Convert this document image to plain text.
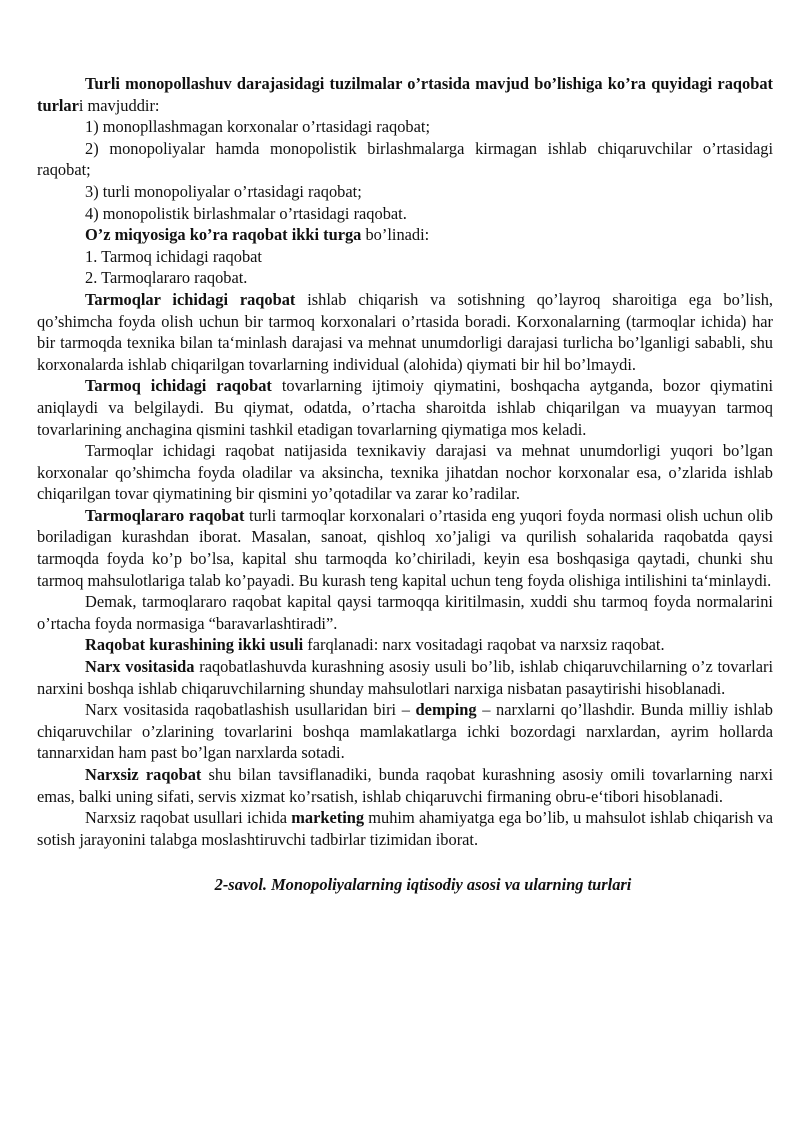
Turli monopollashuv darajasidagi tuzilmalar o’rtasida mavjud bo’lishiga ko’ra quyidagi raqobat turlari mavjuddir:

1) monopllashmagan korxonalar o’rtasidagi raqobat;

2) monopoliyalar hamda monopolistik birlashmalarga kirmagan ishlab chiqaruvchilar o’rtasidagi raqobat;

3) turli monopoliyalar o’rtasidagi raqobat;

4) monopolistik birlashmalar o’rtasidagi raqobat.

O’z miqyosiga ko’ra raqobat ikki turga bo’linadi:

1. Tarmoq ichidagi raqobat

2. Tarmoqlararo raqobat.

Tarmoqlar ichidagi raqobat ishlab chiqarish va sotishning qo’layroq sharoitiga ega bo’lish, qo’shimcha foyda olish uchun bir tarmoq korxonalari o’rtasida boradi. Korxonalarning (tarmoqlar ichida) har bir tarmoqda texnika bilan ta‘minlash darajasi va mehnat unumdorligi darajasi turlicha bo’lganligi sababli, shu korxonalarda ishlab chiqarilgan tovarlarning individual (alohida) qiymati bir hil bo’lmaydi.

Tarmoq ichidagi raqobat tovarlarning ijtimoiy qiymatini, boshqacha aytganda, bozor qiymatini aniqlaydi va belgilaydi. Bu qiymat, odatda, o’rtacha sharoitda ishlab chiqarilgan va muayyan tarmoq tovarlarining anchagina qismini tashkil etadigan tovarlarning qiymatiga mos keladi.

Tarmoqlar ichidagi raqobat natijasida texnikaviy darajasi va mehnat unumdorligi yuqori bo’lgan korxonalar qo’shimcha foyda oladilar va aksincha, texnika jihatdan nochor korxonalar esa, o’zlarida ishlab chiqarilgan tovar qiymatining bir qismini yo’qotadilar va zarar ko’radilar.

Tarmoqlararo raqobat turli tarmoqlar korxonalari o’rtasida eng yuqori foyda normasi olish uchun olib boriladigan kurashdan iborat. Masalan, sanoat, qishloq xo’jaligi va qurilish sohalarida raqobatda qaysi tarmoqda foyda ko’p bo’lsa, kapital shu tarmoqda ko’chiriladi, keyin esa boshqasiga qaytadi, chunki shu tarmoq mahsulotlariga talab ko’payadi. Bu kurash teng kapital uchun teng foyda olishiga intilishini ta‘minlaydi.

Demak, tarmoqlararo raqobat kapital qaysi tarmoqqa kiritilmasin, xuddi shu tarmoq foyda normalarini o’rtacha foyda normasiga “baravarlashtiradi”.

Raqobat kurashining ikki usuli farqlanadi: narx vositadagi raqobat va narxsiz raqobat.

Narx vositasida raqobatlashuvda kurashning asosiy usuli bo’lib, ishlab chiqaruvchilarning o’z tovarlari narxini boshqa ishlab chiqaruvchilarning shunday mahsulotlari narxiga nisbatan pasaytirishi hisoblanadi.

Narx vositasida raqobatlashish usullaridan biri – demping – narxlarni qo’llashdir. Bunda milliy ishlab chiqaruvchilar o’zlarining tovarlarini boshqa mamlakatlarga ichki bozordagi narxlardan, ayrim hollarda tannarxidan ham past bo’lgan narxlarda sotadi.

Narxsiz raqobat shu bilan tavsiflanadiki, bunda raqobat kurashning asosiy omili tovarlarning narxi emas, balki uning sifati, servis xizmat ko’rsatish, ishlab chiqaruvchi firmaning obru-e‘tibori hisoblanadi.

Narxsiz raqobat usullari ichida marketing muhim ahamiyatga ega bo’lib, u mahsulot ishlab chiqarish va sotish jarayonini talabga moslashtiruvchi tadbirlar tizimidan iborat.

2-savol. Monopoliyalarning iqtisodiy asosi va ularning turlari
